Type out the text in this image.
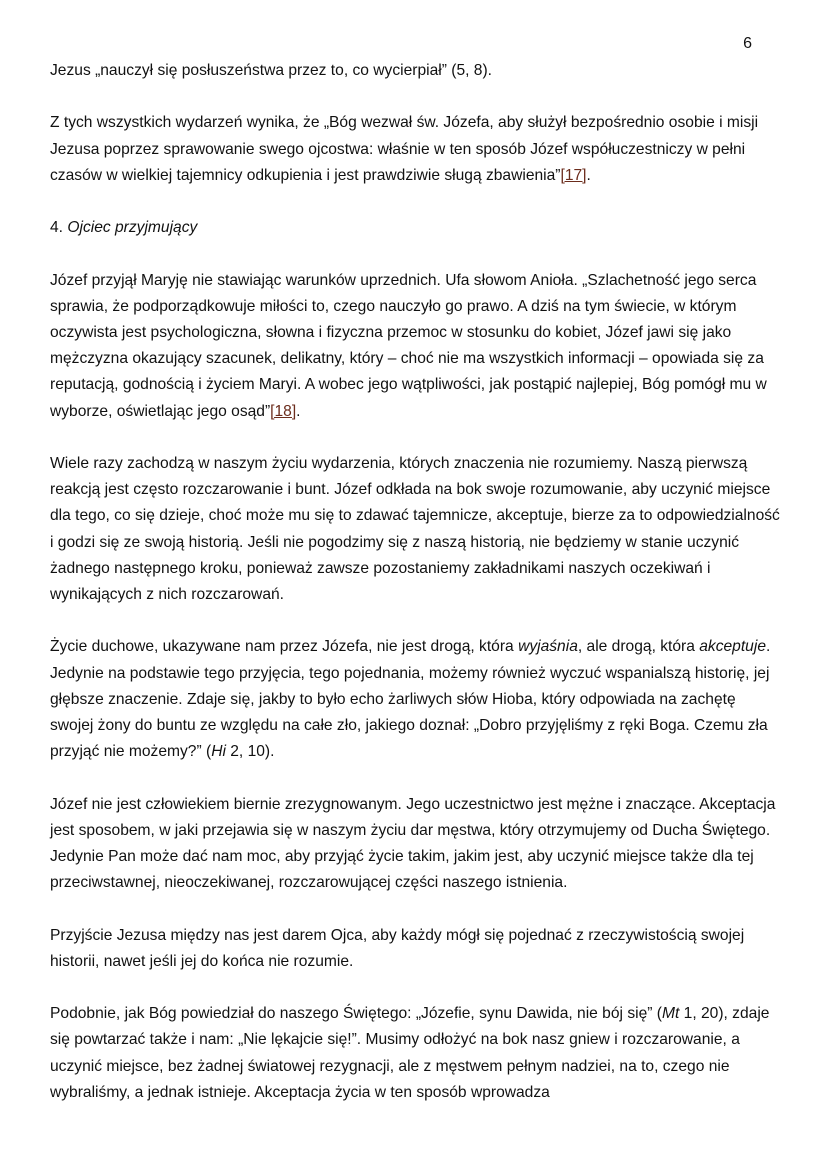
6

Jezus „nauczył się posłuszeństwa przez to, co wycierpiał” (5, 8).

Z tych wszystkich wydarzeń wynika, że „Bóg wezwał św. Józefa, aby służył bezpośrednio osobie i misji Jezusa poprzez sprawowanie swego ojcostwa: właśnie w ten sposób Józef współuczestniczy w pełni czasów w wielkiej tajemnicy odkupienia i jest prawdziwie sługą zbawienia”[17].

4. Ojciec przyjmujący

Józef przyjął Maryję nie stawiając warunków uprzednich. Ufa słowom Anioła. „Szlachetność jego serca sprawia, że podporządkowuje miłości to, czego nauczyło go prawo. A dziś na tym świecie, w którym oczywista jest psychologiczna, słowna i fizyczna przemoc w stosunku do kobiet, Józef jawi się jako mężczyzna okazujący szacunek, delikatny, który – choć nie ma wszystkich informacji – opowiada się za reputacją, godnością i życiem Maryi. A wobec jego wątpliwości, jak postąpić najlepiej, Bóg pomógł mu w wyborze, oświetlając jego osąd”[18].

Wiele razy zachodzą w naszym życiu wydarzenia, których znaczenia nie rozumiemy. Naszą pierwszą reakcją jest często rozczarowanie i bunt. Józef odkłada na bok swoje rozumowanie, aby uczynić miejsce dla tego, co się dzieje, choć może mu się to zdawać tajemnicze, akceptuje, bierze za to odpowiedzialność i godzi się ze swoją historią. Jeśli nie pogodzimy się z naszą historią, nie będziemy w stanie uczynić żadnego następnego kroku, ponieważ zawsze pozostaniemy zakładnikami naszych oczekiwań i wynikających z nich rozczarowań.

Życie duchowe, ukazywane nam przez Józefa, nie jest drogą, która wyjaśnia, ale drogą, która akceptuje. Jedynie na podstawie tego przyjęcia, tego pojednania, możemy również wyczuć wspanialszą historię, jej głębsze znaczenie. Zdaje się, jakby to było echo żarliwych słów Hioba, który odpowiada na zachętę swojej żony do buntu ze względu na całe zło, jakiego doznał: „Dobro przyjęliśmy z ręki Boga. Czemu zła przyjąć nie możemy?” (Hi 2, 10).

Józef nie jest człowiekiem biernie zrezygnowanym. Jego uczestnictwo jest mężne i znaczące. Akceptacja jest sposobem, w jaki przejawia się w naszym życiu dar męstwa, który otrzymujemy od Ducha Świętego. Jedynie Pan może dać nam moc, aby przyjąć życie takim, jakim jest, aby uczynić miejsce także dla tej przeciwstawnej, nieoczekiwanej, rozczarowującej części naszego istnienia.

Przyjście Jezusa między nas jest darem Ojca, aby każdy mógł się pojednać z rzeczywistością swojej historii, nawet jeśli jej do końca nie rozumie.

Podobnie, jak Bóg powiedział do naszego Świętego: „Józefie, synu Dawida, nie bój się” (Mt 1, 20), zdaje się powtarzać także i nam: „Nie lękajcie się!”. Musimy odłożyć na bok nasz gniew i rozczarowanie, a uczynić miejsce, bez żadnej światowej rezygnacji, ale z męstwem pełnym nadziei, na to, czego nie wybraliśmy, a jednak istnieje. Akceptacja życia w ten sposób wprowadza
